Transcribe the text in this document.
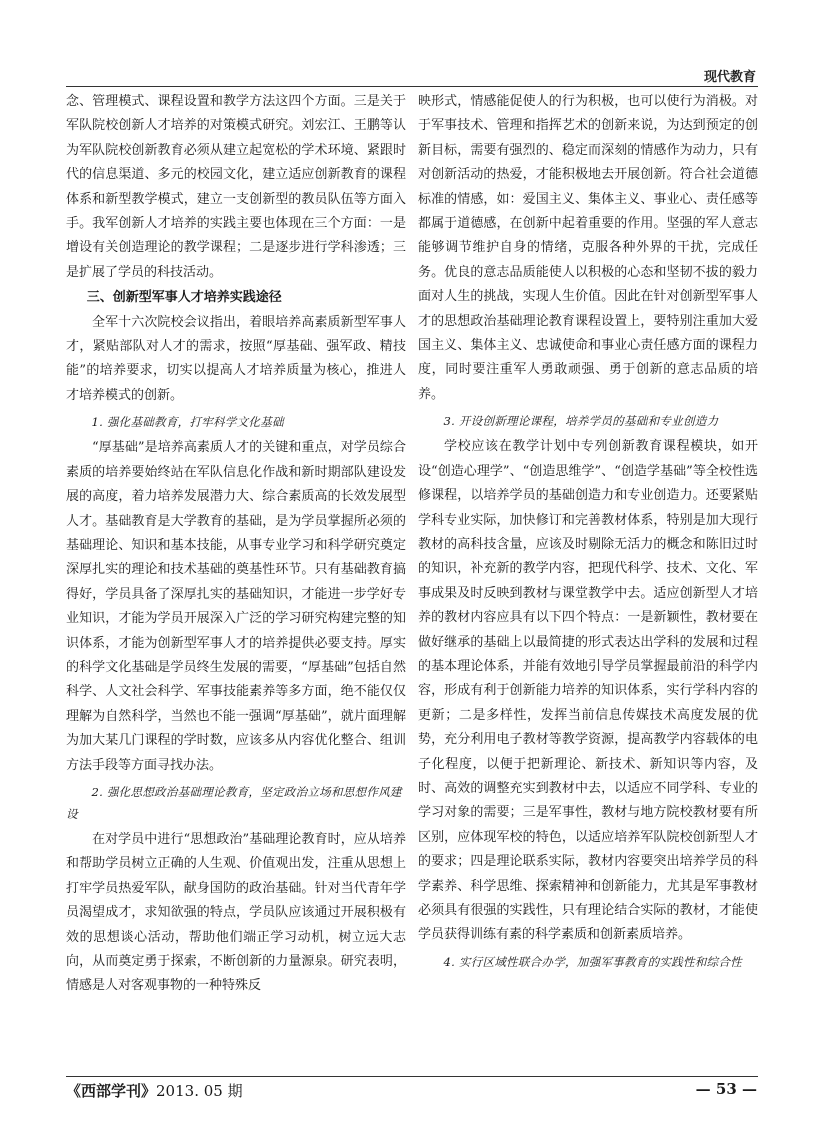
现代教育

念、管理模式、课程设置和教学方法这四个方面。三是关于军队院校创新人才培养的对策模式研究。刘宏江、王鹏等认为军队院校创新教育必须从建立起宽松的学术环境、紧跟时代的信息渠道、多元的校园文化，建立适应创新教育的课程体系和新型教学模式，建立一支创新型的教员队伍等方面入手。我军创新人才培养的实践主要也体现在三个方面：一是增设有关创造理论的教学课程；二是逐步进行学科渗透；三是扩展了学员的科技活动。

三、创新型军事人才培养实践途径

全军十六次院校会议指出，着眼培养高素质新型军事人才，紧贴部队对人才的需求，按照“厚基础、强军政、精技能”的培养要求，切实以提高人才培养质量为核心，推进人才培养模式的创新。

1. 强化基础教育，打牢科学文化基础

“厚基础”是培养高素质人才的关键和重点，对学员综合素质的培养要始终站在军队信息化作战和新时期部队建设发展的高度，着力培养发展潜力大、综合素质高的长效发展型人才。基础教育是大学教育的基础，是为学员掌握所必须的基础理论、知识和基本技能，从事专业学习和科学研究奠定深厚扎实的理论和技术基础的奠基性环节。只有基础教育搞得好，学员具备了深厚扎实的基础知识，才能进一步学好专业知识，才能为学员开展深入广泛的学习研究构建完整的知识体系，才能为创新型军事人才的培养提供必要支持。厚实的科学文化基础是学员终生发展的需要，“厚基础”包括自然科学、人文社会科学、军事技能素养等多方面，绝不能仅仅理解为自然科学，当然也不能一强调“厚基础”，就片面理解为加大某几门课程的学时数，应该多从内容优化整合、组训方法手段等方面寻找办法。

2. 强化思想政治基础理论教育，坚定政治立场和思想作风建设

在对学员中进行“思想政治”基础理论教育时，应从培养和帮助学员树立正确的人生观、价值观出发，注重从思想上打牢学员热爱军队，献身国防的政治基础。针对当代青年学员渴望成才，求知欲强的特点，学员队应该通过开展积极有效的思想谈心活动，帮助他们端正学习动机，树立远大志向，从而奠定勇于探索，不断创新的力量源泉。研究表明，情感是人对客观事物的一种特殊反

映形式，情感能促使人的行为积极，也可以使行为消极。对于军事技术、管理和指挥艺术的创新来说，为达到预定的创新目标，需要有强烈的、稳定而深刻的情感作为动力，只有对创新活动的热爱，才能积极地去开展创新。符合社会道德标准的情感，如：爱国主义、集体主义、事业心、责任感等都属于道德感，在创新中起着重要的作用。坚强的军人意志能够调节维护自身的情绪，克服各种外界的干扰，完成任务。优良的意志品质能使人以积极的心态和坚韧不拔的毅力面对人生的挑战，实现人生价值。因此在针对创新型军事人才的思想政治基础理论教育课程设置上，要特别注重加大爱国主义、集体主义、忠诚使命和事业心责任感方面的课程力度，同时要注重军人勇敢顽强、勇于创新的意志品质的培养。

3. 开设创新理论课程，培养学员的基础和专业创造力

学校应该在教学计划中专列创新教育课程模块，如开设“创造心理学”、“创造思维学”、“创造学基础”等全校性选修课程，以培养学员的基础创造力和专业创造力。还要紧贴学科专业实际，加快修订和完善教材体系，特别是加大现行教材的高科技含量，应该及时剔除无活力的概念和陈旧过时的知识，补充新的教学内容，把现代科学、技术、文化、军事成果及时反映到教材与课堂教学中去。适应创新型人才培养的教材内容应具有以下四个特点：一是新颖性，教材要在做好继承的基础上以最简捷的形式表达出学科的发展和过程的基本理论体系，并能有效地引导学员掌握最前沿的科学内容，形成有利于创新能力培养的知识体系，实行学科内容的更新；二是多样性，发挥当前信息传媒技术高度发展的优势，充分利用电子教材等教学资源，提高教学内容载体的电子化程度，以便于把新理论、新技术、新知识等内容，及时、高效的调整充实到教材中去，以适应不同学科、专业的学习对象的需要；三是军事性，教材与地方院校教材要有所区别，应体现军校的特色，以适应培养军队院校创新型人才的要求；四是理论联系实际，教材内容要突出培养学员的科学素养、科学思维、探索精神和创新能力，尤其是军事教材必须具有很强的实践性，只有理论结合实际的教材，才能使学员获得训练有素的科学素质和创新素质培养。

4. 实行区域性联合办学，加强军事教育的实践性和综合性
《西部学刊》2013. 05 期	— 53 —
